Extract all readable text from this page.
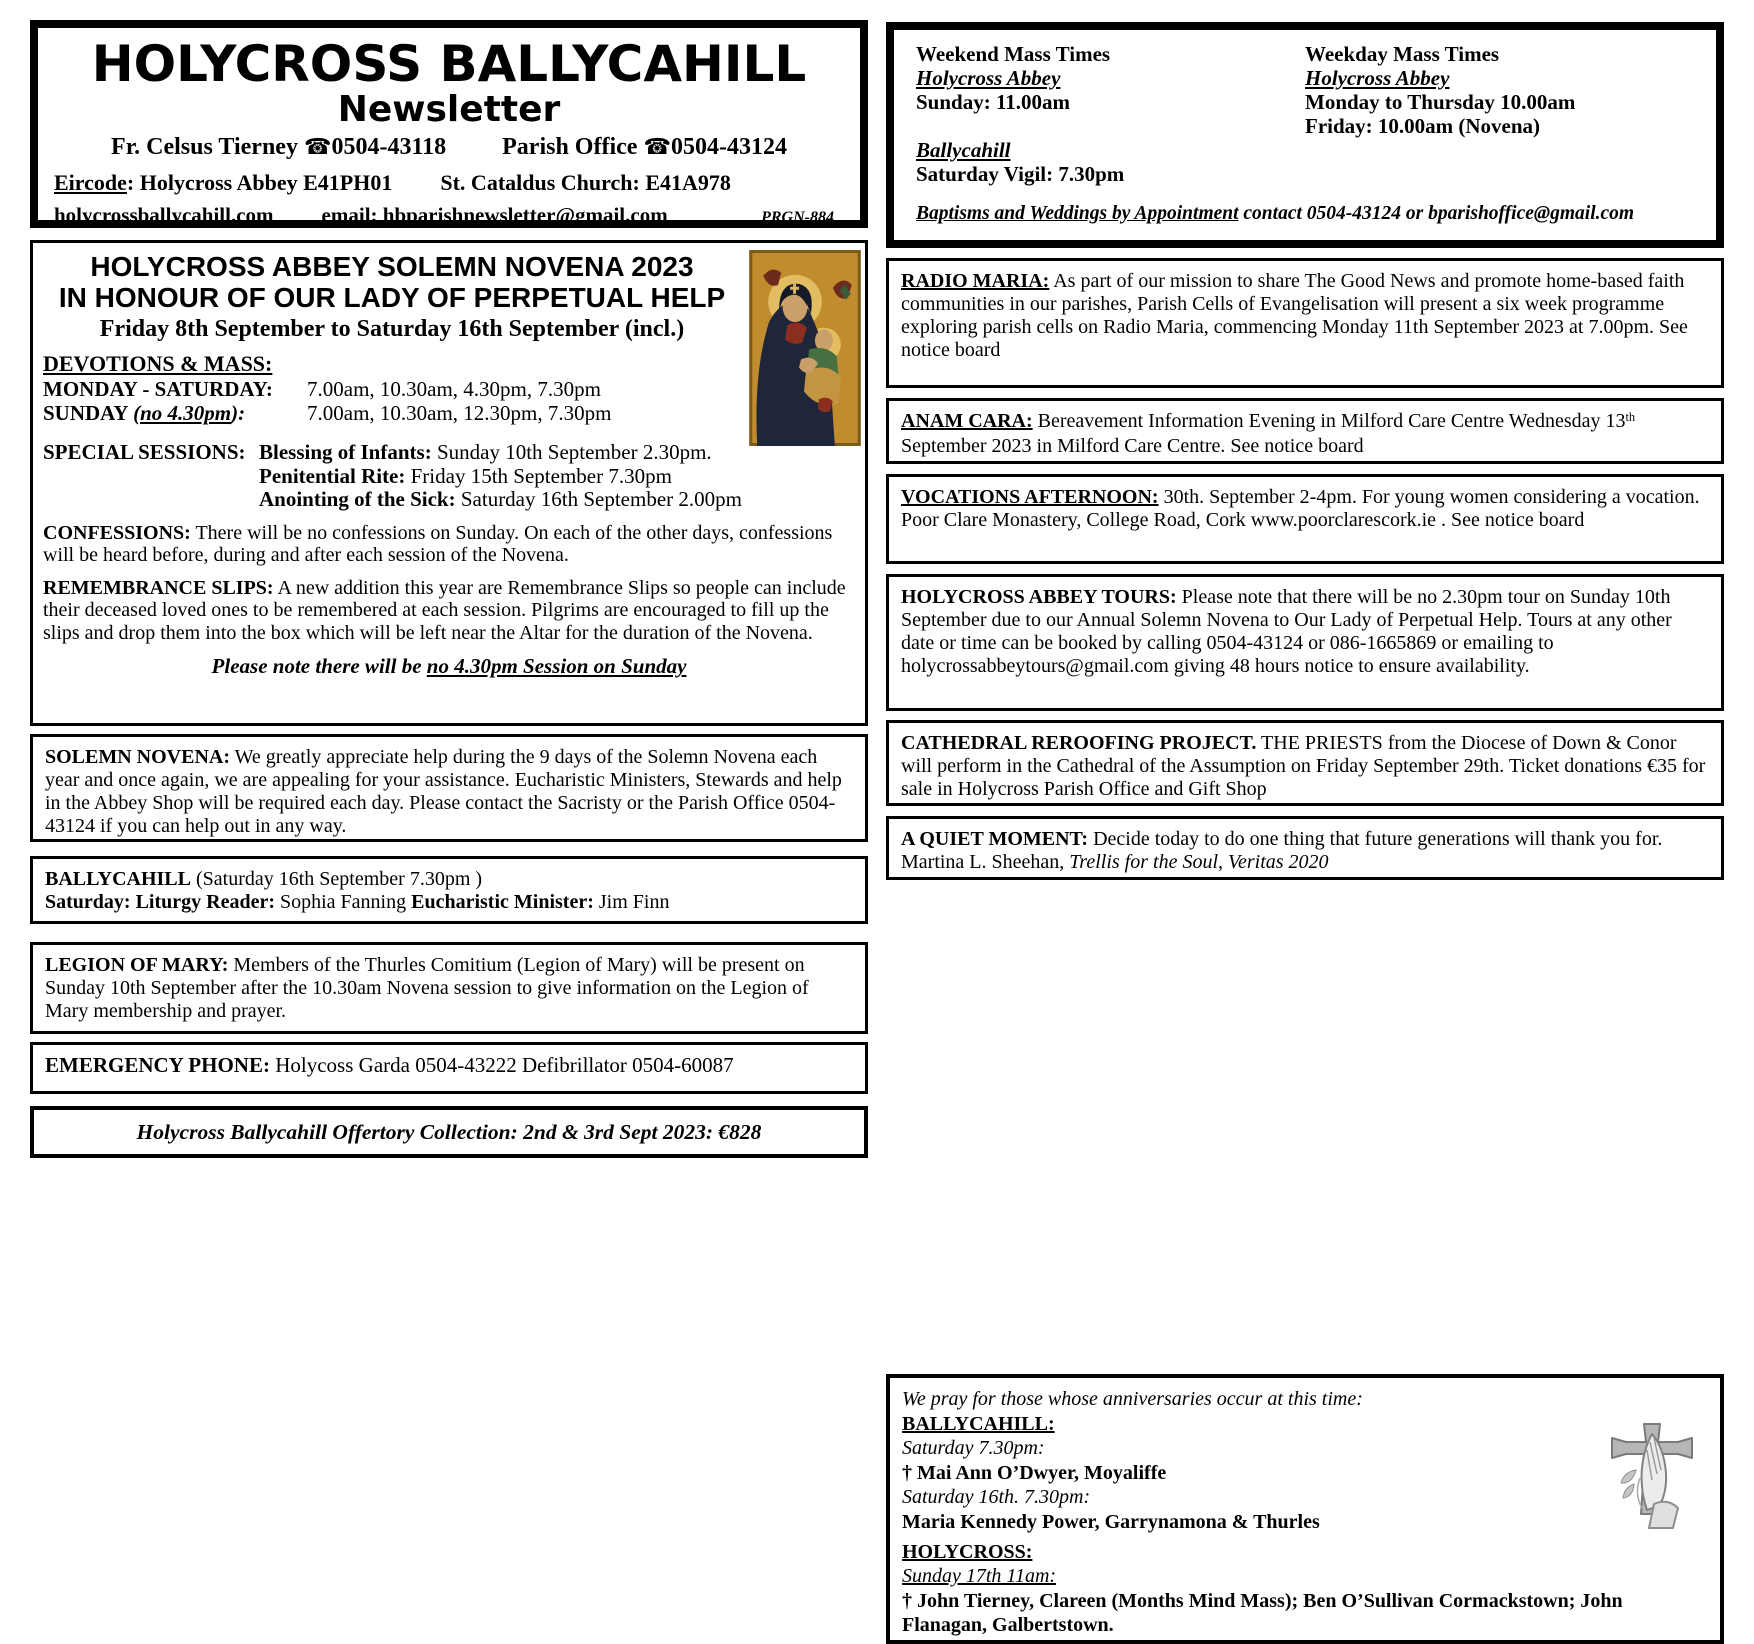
HOLYCROSS BALLYCAHILL
Newsletter
Fr. Celsus Tierney ☎0504-43118 Parish Office ☎0504-43124
Eircode: Holycross Abbey E41PH01 St. Cataldus Church: E41A978
holycrossballycahill.com email: hbparishnewsletter@gmail.com	PRGN-884
HOLYCROSS ABBEY SOLEMN NOVENA 2023
IN HONOUR OF OUR LADY OF PERPETUAL HELP
Friday 8th September to Saturday 16th September (incl.)
DEVOTIONS & MASS:
MONDAY - SATURDAY:	7.00am, 10.30am, 4.30pm, 7.30pm
SUNDAY (no 4.30pm):	7.00am, 10.30am, 12.30pm, 7.30pm
SPECIAL SESSIONS: Blessing of Infants: Sunday 10th September 2.30pm.
Penitential Rite: Friday 15th September 7.30pm
Anointing of the Sick: Saturday 16th September 2.00pm
CONFESSIONS: There will be no confessions on Sunday. On each of the other days, confessions will be heard before, during and after each session of the Novena.
REMEMBRANCE SLIPS: A new addition this year are Remembrance Slips so people can include their deceased loved ones to be remembered at each session. Pilgrims are encouraged to fill up the slips and drop them into the box which will be left near the Altar for the duration of the Novena.
Please note there will be no 4.30pm Session on Sunday
SOLEMN NOVENA: We greatly appreciate help during the 9 days of the Solemn Novena each year and once again, we are appealing for your assistance. Eucharistic Ministers, Stewards and help in the Abbey Shop will be required each day. Please contact the Sacristy or the Parish Office 0504-43124 if you can help out in any way.
BALLYCAHILL (Saturday 16th September 7.30pm )
Saturday: Liturgy Reader: Sophia Fanning Eucharistic Minister: Jim Finn
LEGION OF MARY: Members of the Thurles Comitium (Legion of Mary) will be present on Sunday 10th September after the 10.30am Novena session to give information on the Legion of Mary membership and prayer.
EMERGENCY PHONE: Holycoss Garda 0504-43222 Defibrillator 0504-60087
Holycross Ballycahill Offertory Collection: 2nd & 3rd Sept 2023: €828
Weekend Mass Times
Holycross Abbey
Sunday: 11.00am
Ballycahill
Saturday Vigil: 7.30pm
Weekday Mass Times
Holycross Abbey
Monday to Thursday 10.00am
Friday: 10.00am (Novena)
Baptisms and Weddings by Appointment contact 0504-43124 or bparishoffice@gmail.com
RADIO MARIA: As part of our mission to share The Good News and promote home-based faith communities in our parishes, Parish Cells of Evangelisation will present a six week programme exploring parish cells on Radio Maria, commencing Monday 11th September 2023 at 7.00pm. See notice board
ANAM CARA: Bereavement Information Evening in Milford Care Centre Wednesday 13th September 2023 in Milford Care Centre. See notice board
VOCATIONS AFTERNOON: 30th. September 2-4pm. For young women considering a vocation. Poor Clare Monastery, College Road, Cork www.poorclarescork.ie . See notice board
HOLYCROSS ABBEY TOURS: Please note that there will be no 2.30pm tour on Sunday 10th September due to our Annual Solemn Novena to Our Lady of Perpetual Help. Tours at any other date or time can be booked by calling 0504-43124 or 086-1665869 or emailing to holycrossabbeytours@gmail.com giving 48 hours notice to ensure availability.
CATHEDRAL REROOFING PROJECT. THE PRIESTS from the Diocese of Down & Conor will perform in the Cathedral of the Assumption on Friday September 29th. Ticket donations €35 for sale in Holycross Parish Office and Gift Shop
A QUIET MOMENT: Decide today to do one thing that future generations will thank you for. Martina L. Sheehan, Trellis for the Soul, Veritas 2020
We pray for those whose anniversaries occur at this time:
BALLYCAHILL:
Saturday 7.30pm:
† Mai Ann O’Dwyer, Moyaliffe
Saturday 16th. 7.30pm:
Maria Kennedy Power, Garrynamona & Thurles
HOLYCROSS:
Sunday 17th 11am:
† John Tierney, Clareen (Months Mind Mass); Ben O’Sullivan Cormackstown; John Flanagan, Galbertstown.
